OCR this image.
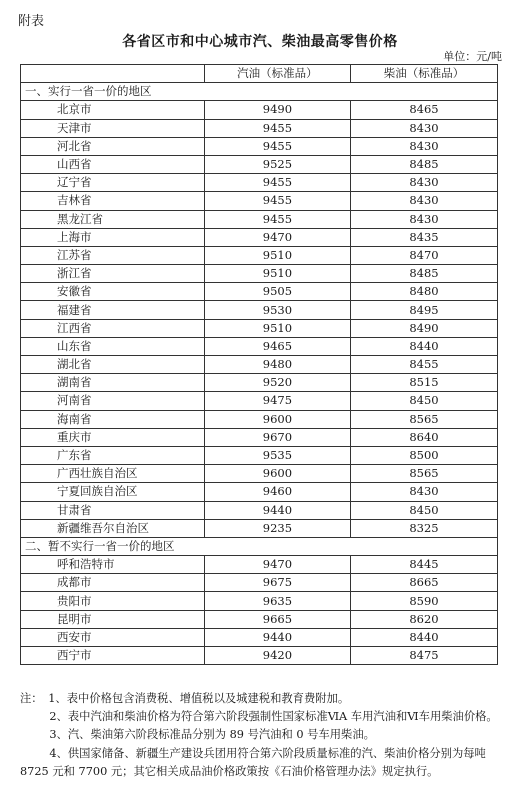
附表
各省区市和中心城市汽、柴油最高零售价格
单位：元/吨
	汽油（标准品）	柴油（标准品）
一、实行一省一价的地区		
北京市	9490	8465
天津市	9455	8430
河北省	9455	8430
山西省	9525	8485
辽宁省	9455	8430
吉林省	9455	8430
黑龙江省	9455	8430
上海市	9470	8435
江苏省	9510	8470
浙江省	9510	8485
安徽省	9505	8480
福建省	9530	8495
江西省	9510	8490
山东省	9465	8440
湖北省	9480	8455
湖南省	9520	8515
河南省	9475	8450
海南省	9600	8565
重庆市	9670	8640
广东省	9535	8500
广西壮族自治区	9600	8565
宁夏回族自治区	9460	8430
甘肃省	9440	8450
新疆维吾尔自治区	9235	8325
二、暂不实行一省一价的地区		
呼和浩特市	9470	8445
成都市	9675	8665
贵阳市	9635	8590
昆明市	9665	8620
西安市	9440	8440
西宁市	9420	8475

注：　1、表中价格包含消费税、增值税以及城建税和教育费附加。

2、表中汽油和柴油价格为符合第六阶段强制性国家标准ⅥA 车用汽油和Ⅵ车用柴油价格。

3、汽、柴油第六阶段标准品分别为 89 号汽油和 0 号车用柴油。

4、供国家储备、新疆生产建设兵团用符合第六阶段质量标准的汽、柴油价格分别为每吨 8725 元和 7700 元；其它相关成品油价格政策按《石油价格管理办法》规定执行。
